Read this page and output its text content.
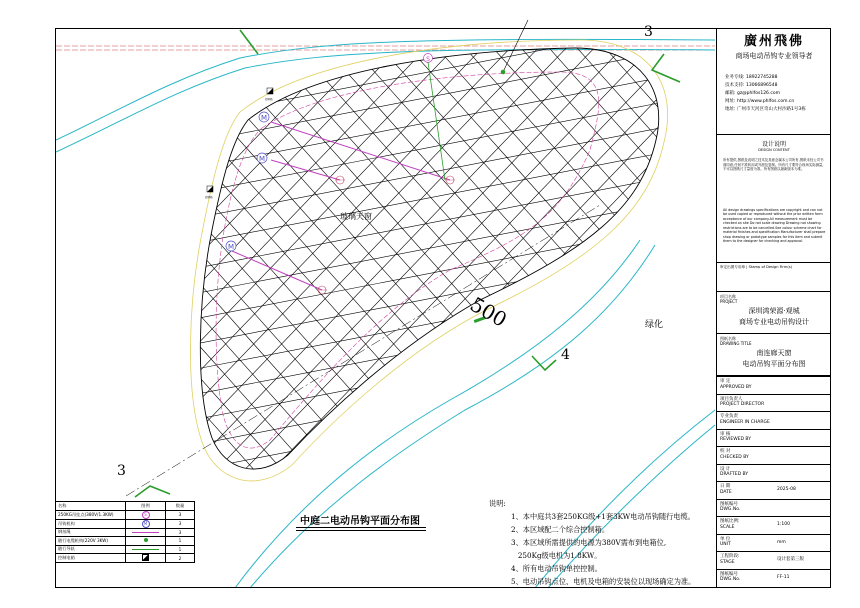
M
M
M
S
控制箱
控制箱
玻璃天窗
绿化
3
3
4
500
廣州飛佛
商场电动吊钩专业领导者
业务专线: 18922745288
技术支持: 13066896548
邮箱: gz@phlfos126.com
网址: http://www.phlfos.com.cn
地址: 广州市天河区奇山大村沙路1号3栋
设计说明
DESIGN CONTENT
所有提供,图纸及说明之技术及其意念属本公司所有,图纸未经公司书面同意,任何不准转用或外泄及复制。所有尺寸要符合现场实际测量,不可以图纸尺寸量度为准。所有图纸以最新版本为准。
All design drawings specifications are copyright and can not be used copied or reproduced without the prior written form acceptance of our company.All measurement must be checked on site Do not scale drawing Drawing not showing restrictions are to be cancelled.See colour scheme chart for material finishes and specification Manufacturer shall prepare shop drawing or prototype samples for this item and submit them to the designer for checking and approval.
审定出图专用章 | Stamp of Design Firm(s)
项目名称
PROJECT
深圳鸿荣源·观城
商场专业电动吊钩设计
图纸名称
DRAWING TITLE
南连廊天窗
电动吊钩平面分布图
审 定
APPROVED BY
项目负责人
PROJECT DIRECTOR
专业负责
ENGINEER IN CHARGE
审 核
REVIEWED BY
校 对
CHECKED BY
设 计
DRAFTED BY
日 期
DATE
2025-08
图纸编号
DWG.No.
图纸比例:
SCALE
1:100
单 位
UNIT
mm
工程阶段:
STAGE
设计套第三版
图纸编号
DWG.No.
FF-11
名称	图例	数量
250KG吊挂点(380V/1.3KW)	S	3
吊钩机构	M	3
钢丝绳		3
随行电缆机构(220V 3KW)		1
随行导轨		1
控制电箱		2
中庭二电动吊钩平面分布图
说明:
1、本中庭共3套250KG级+1套3KW电动吊钩随行电缆。
2、本区域配二个综合控制箱。
3、本区域所需提供的电源为380V需布到电箱位,
250Kg级电机为1.8KW。
4、所有电动吊钩单控控制。
5、电动吊钩点位、电机及电箱的安装位以现场确定为准。
